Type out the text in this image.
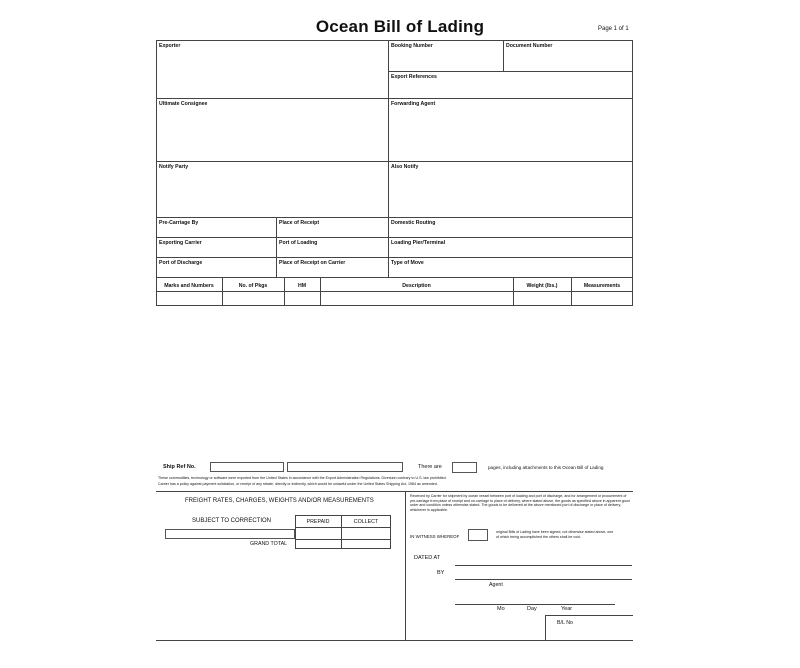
Ocean Bill of Lading	Page 1 of 1
Exporter	Booking Number	Document Number
Export References
Ultimate Consignee	Forwarding Agent
Notify Party	Also Notify
Pre-Carriage By	Place of Receipt	Domestic Routing
Exporting Carrier	Port of Loading	Loading Pier/Terminal
Port of Discharge	Place of Receipt on Carrier	Type of Move
Marks and Numbers	No. of Pkgs	HM	Description	Weight (lbs.)	Measurements
Ship Ref No.	There are	pages, including attachments to this Ocean Bill of Lading
These commodities, technology or software were exported from the United States in accordance with the Export Administration Regulations. Diversion contrary to U.S. law prohibited.
Carrier has a policy against payment solicitation, or receipt of any rebate, directly or indirectly, which would be unlawful under the United States Shipping Act, 1984 as amended.
FREIGHT RATES, CHARGES, WEIGHTS AND/OR MEASUREMENTS
SUBJECT TO CORRECTION	PREPAID	COLLECT
GRAND TOTAL
Received by Carrier for shipment by ocean vessel between port of loading and port of discharge, and for arrangement or procurement of pre-carriage from place of receipt and on-carriage to place of delivery, where stated above, the goods as specified above in apparent good order and condition unless otherwise stated. The goods to be delivered at the above mentioned port of discharge or place of delivery, whichever is applicable.
IN WITNESS WHEREOF
original Bills of Lading have been signed, not otherwise stated above, one of which being accomplished the others shall be void.
DATED AT
BY
Agent
Mo	Day	Year
B/L No
